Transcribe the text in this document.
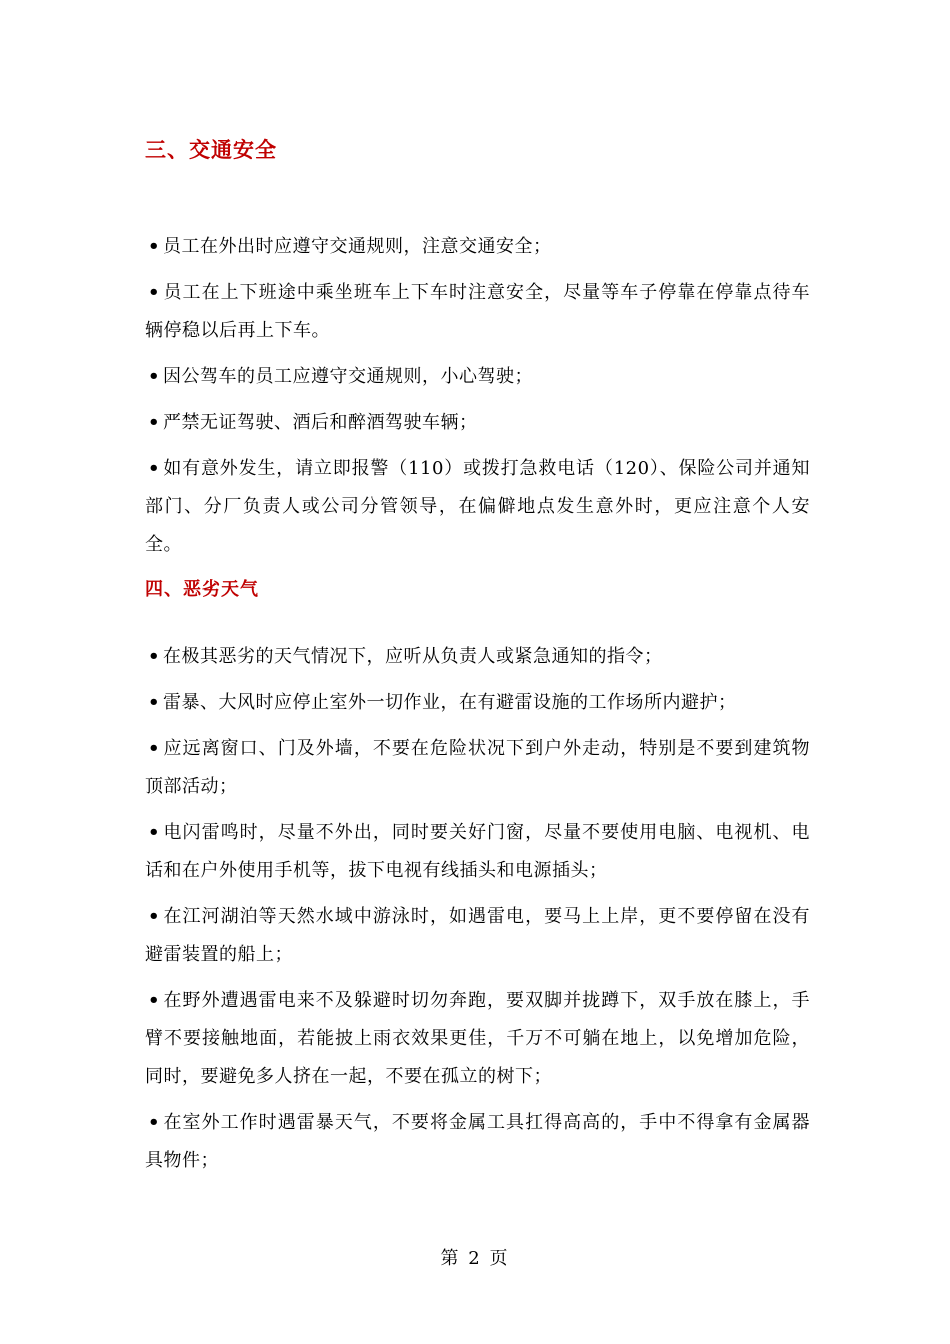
三、交通安全
• 员工在外出时应遵守交通规则，注意交通安全；
• 员工在上下班途中乘坐班车上下车时注意安全，尽量等车子停靠在停靠点待车辆停稳以后再上下车。
• 因公驾车的员工应遵守交通规则，小心驾驶；
• 严禁无证驾驶、酒后和醉酒驾驶车辆；
• 如有意外发生，请立即报警（110）或拨打急救电话（120）、保险公司并通知部门、分厂负责人或公司分管领导，在偏僻地点发生意外时，更应注意个人安全。
四、恶劣天气
• 在极其恶劣的天气情况下，应听从负责人或紧急通知的指令；
• 雷暴、大风时应停止室外一切作业，在有避雷设施的工作场所内避护；
• 应远离窗口、门及外墙，不要在危险状况下到户外走动，特别是不要到建筑物顶部活动；
• 电闪雷鸣时，尽量不外出，同时要关好门窗，尽量不要使用电脑、电视机、电话和在户外使用手机等，拔下电视有线插头和电源插头；
• 在江河湖泊等天然水域中游泳时，如遇雷电，要马上上岸，更不要停留在没有避雷装置的船上；
• 在野外遭遇雷电来不及躲避时切勿奔跑，要双脚并拢蹲下，双手放在膝上，手臂不要接触地面，若能披上雨衣效果更佳，千万不可躺在地上，以免增加危险，同时，要避免多人挤在一起，不要在孤立的树下；
• 在室外工作时遇雷暴天气，不要将金属工具扛得高高的，手中不得拿有金属器具物件；
第 2 页
